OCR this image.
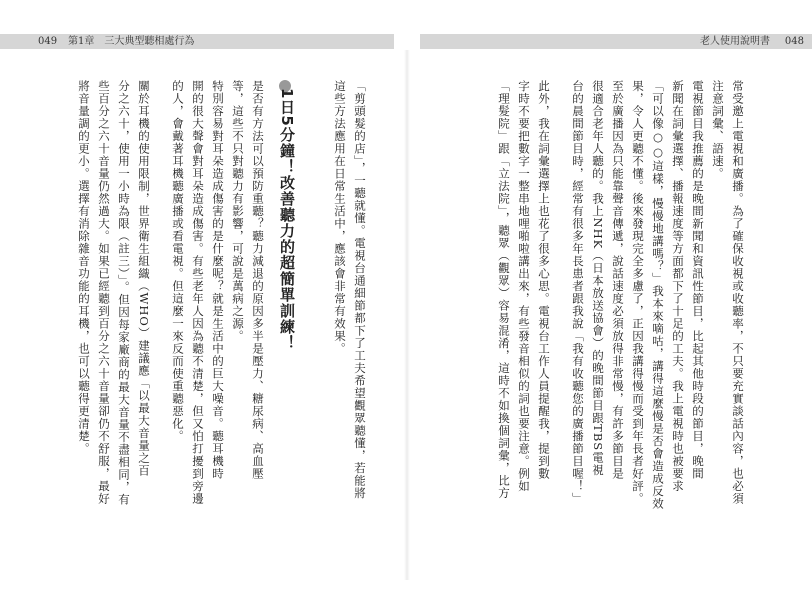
049 第1章　三大典型聽相處行為	老人使用說明書 048
常受邀上電視和廣播。為了確保收視或收聽率，不只要充實談話內容，也必須
注意詞彙、語速。
電視節目我推薦的是晚間新聞和資訊性節目，比起其他時段的節目，晚間
新聞在詞彙選擇、播報速度等方面都下了十足的工夫。我上電視時也被要求
「可以像○○這樣，慢慢地講嗎？」我本來嘀咕，講得這麼慢是否會造成反效
果，令人更聽不懂。後來發現完全多慮了，正因我講得慢而受到年長者好評。
至於廣播因為只能靠聲音傳遞，說話速度必須放得非常慢，有許多節目是
很適合老年人聽的。我上NHK（日本放送協會）的晚間節目跟TBS電視
台的晨間節目時，經常有很多年長患者跟我說「我有收聽您的廣播節目喔！」
此外，我在詞彙選擇上也花了很多心思。電視台工作人員提醒我，提到數
字時不要把數字一整串地哩啪啦講出來，有些發音相似的詞也要注意。例如
「理髮院」跟「立法院」，聽眾（觀眾）容易混淆，這時不如換個詞彙，比方
「剪頭髮的店」，一聽就懂。電視台通細節都下了工夫希望觀眾聽懂，若能將
這些方法應用在日常生活中，應該會非常有效果。
1日5分鐘！改善聽力的超簡單訓練！
是否有方法可以預防重聽？聽力減退的原因多半是壓力、糖尿病、高血壓
等，這些不只對聽力有影響，可說是萬病之源。
特別容易對耳朵造成傷害的是什麼呢？就是生活中的巨大噪音。聽耳機時
開的很大聲會對耳朵造成傷害。有些老年人因為聽不清楚，但又怕打擾到旁邊
的人，會戴著耳機聽廣播或看電視。但這麼一來反而使重聽惡化。
關於耳機的使用限制，世界衛生組織（WHO）建議應「以最大音量之百
分之六十，使用一小時為限（註三）」。但因每家廠商的最大音量不盡相同，有
些百分之六十音量仍然過大。如果已經聽到百分之六十音量卻仍不舒服，最好
將音量調的更小。選擇有消除雜音功能的耳機，也可以聽得更清楚。
